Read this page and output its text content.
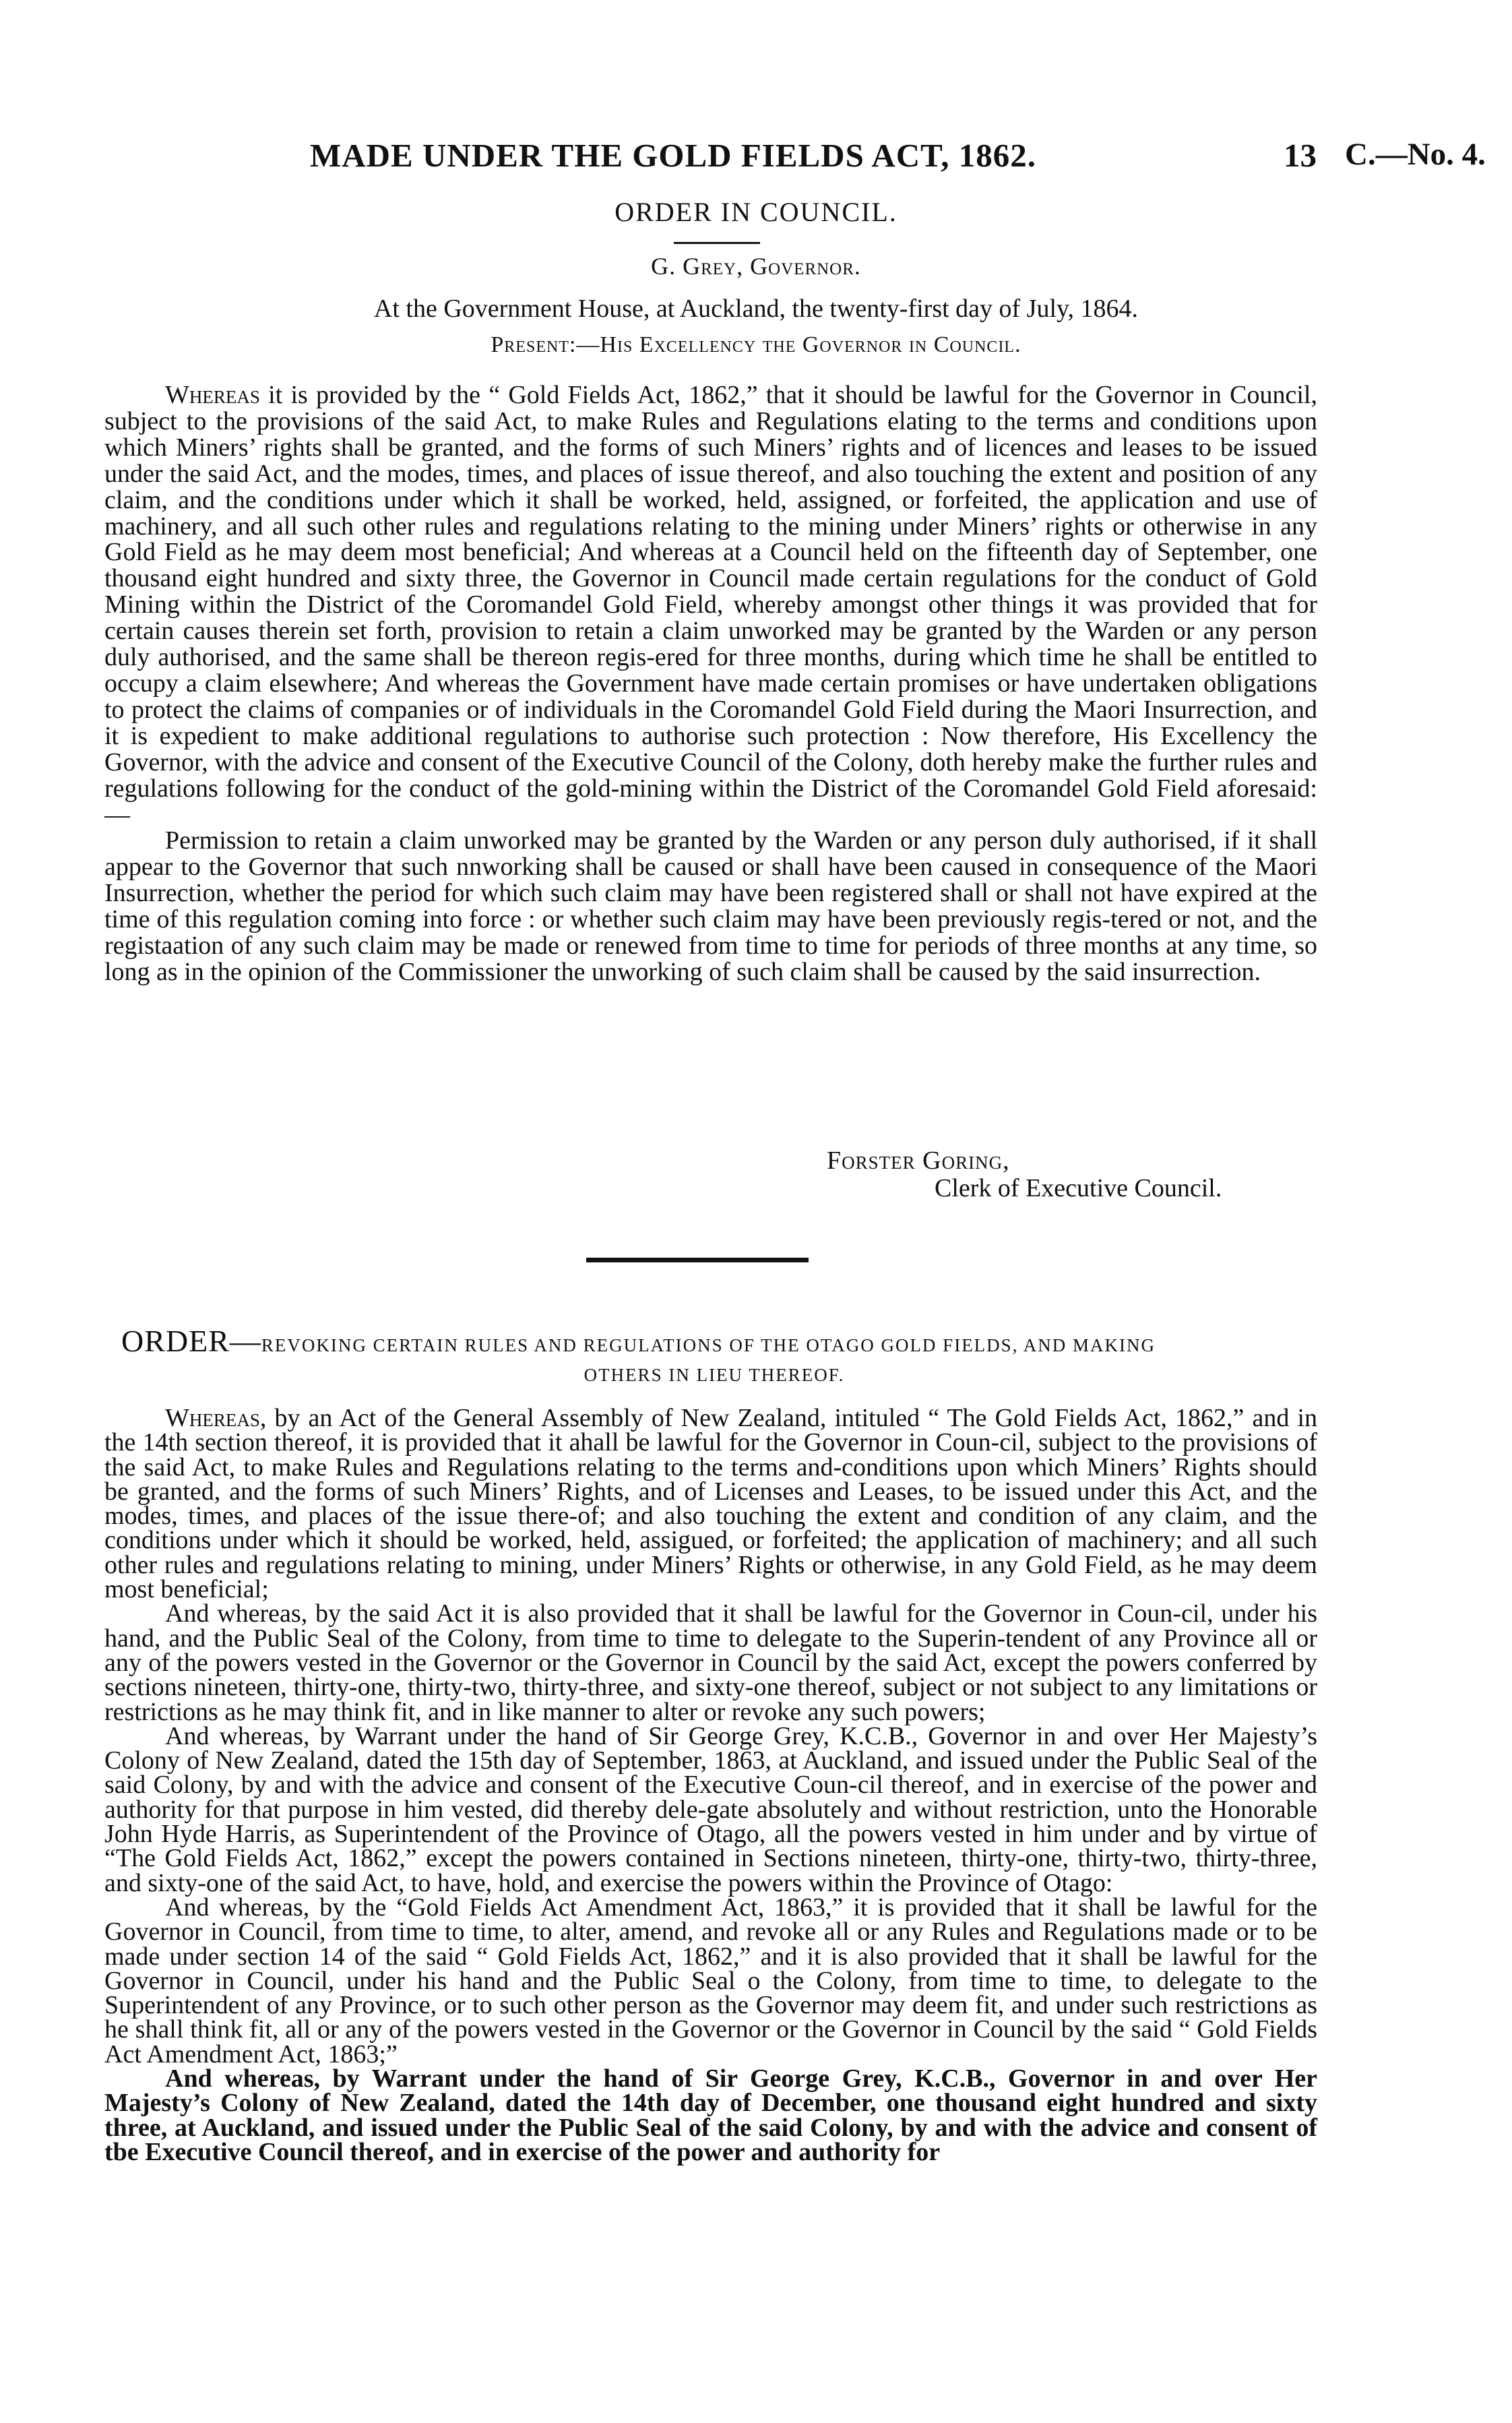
MADE UNDER THE GOLD FIELDS ACT, 1862.	13 C.—No. 4.
ORDER IN COUNCIL.
G. Grey, Governor.
At the Government House, at Auckland, the twenty-first day of July, 1864.
Present:—His Excellency the Governor in Council.

Whereas it is provided by the “ Gold Fields Act, 1862,” that it should be lawful for the Governor in Council, subject to the provisions of the said Act, to make Rules and Regulations elating to the terms and conditions upon which Miners’ rights shall be granted, and the forms of such Miners’ rights and of licences and leases to be issued under the said Act, and the modes, times, and places of issue thereof, and also touching the extent and position of any claim, and the conditions under which it shall be worked, held, assigned, or forfeited, the application and use of machinery, and all such other rules and regulations relating to the mining under Miners’ rights or otherwise in any Gold Field as he may deem most beneficial; And whereas at a Council held on the fifteenth day of September, one thousand eight hundred and sixty three, the Governor in Council made certain regulations for the conduct of Gold Mining within the District of the Coromandel Gold Field, whereby amongst other things it was provided that for certain causes therein set forth, provision to retain a claim unworked may be granted by the Warden or any person duly authorised, and the same shall be thereon regis-ered for three months, during which time he shall be entitled to occupy a claim elsewhere; And whereas the Government have made certain promises or have undertaken obligations to protect the claims of companies or of individuals in the Coromandel Gold Field during the Maori Insurrection, and it is expedient to make additional regulations to authorise such protection : Now therefore, His Excellency the Governor, with the advice and consent of the Executive Council of the Colony, doth hereby make the further rules and regulations following for the conduct of the gold-mining within the District of the Coromandel Gold Field aforesaid:—

Permission to retain a claim unworked may be granted by the Warden or any person duly authorised, if it shall appear to the Governor that such nnworking shall be caused or shall have been caused in consequence of the Maori Insurrection, whether the period for which such claim may have been registered shall or shall not have expired at the time of this regulation coming into force : or whether such claim may have been previously regis-tered or not, and the registaation of any such claim may be made or renewed from time to time for periods of three months at any time, so long as in the opinion of the Commissioner the unworking of such claim shall be caused by the said insurrection.

Forster Goring,
Clerk of Executive Council.
ORDER—REVOKING CERTAIN RULES AND REGULATIONS OF THE OTAGO GOLD FIELDS, AND MAKING
OTHERS IN LIEU THEREOF.

Whereas, by an Act of the General Assembly of New Zealand, intituled “ The Gold Fields Act, 1862,” and in the 14th section thereof, it is provided that it ahall be lawful for the Governor in Coun-cil, subject to the provisions of the said Act, to make Rules and Regulations relating to the terms and-conditions upon which Miners’ Rights should be granted, and the forms of such Miners’ Rights, and of Licenses and Leases, to be issued under this Act, and the modes, times, and places of the issue there-of; and also touching the extent and condition of any claim, and the conditions under which it should be worked, held, assigued, or forfeited; the application of machinery; and all such other rules and regulations relating to mining, under Miners’ Rights or otherwise, in any Gold Field, as he may deem most beneficial;

And whereas, by the said Act it is also provided that it shall be lawful for the Governor in Coun-cil, under his hand, and the Public Seal of the Colony, from time to time to delegate to the Superin-tendent of any Province all or any of the powers vested in the Governor or the Governor in Council by the said Act, except the powers conferred by sections nineteen, thirty-one, thirty-two, thirty-three, and sixty-one thereof, subject or not subject to any limitations or restrictions as he may think fit, and in like manner to alter or revoke any such powers;

And whereas, by Warrant under the hand of Sir George Grey, K.C.B., Governor in and over Her Majesty’s Colony of New Zealand, dated the 15th day of September, 1863, at Auckland, and issued under the Public Seal of the said Colony, by and with the advice and consent of the Executive Coun-cil thereof, and in exercise of the power and authority for that purpose in him vested, did thereby dele-gate absolutely and without restriction, unto the Honorable John Hyde Harris, as Superintendent of the Province of Otago, all the powers vested in him under and by virtue of “The Gold Fields Act, 1862,” except the powers contained in Sections nineteen, thirty-one, thirty-two, thirty-three, and sixty-one of the said Act, to have, hold, and exercise the powers within the Province of Otago:

And whereas, by the “Gold Fields Act Amendment Act, 1863,” it is provided that it shall be lawful for the Governor in Council, from time to time, to alter, amend, and revoke all or any Rules and Regulations made or to be made under section 14 of the said “ Gold Fields Act, 1862,” and it is also provided that it shall be lawful for the Governor in Council, under his hand and the Public Seal o the Colony, from time to time, to delegate to the Superintendent of any Province, or to such other person as the Governor may deem fit, and under such restrictions as he shall think fit, all or any of the powers vested in the Governor or the Governor in Council by the said “ Gold Fields Act Amendment Act, 1863;”

And whereas, by Warrant under the hand of Sir George Grey, K.C.B., Governor in and over Her Majesty’s Colony of New Zealand, dated the 14th day of December, one thousand eight hundred and sixty three, at Auckland, and issued under the Public Seal of the said Colony, by and with the advice and consent of tbe Executive Council thereof, and in exercise of the power and authority for
